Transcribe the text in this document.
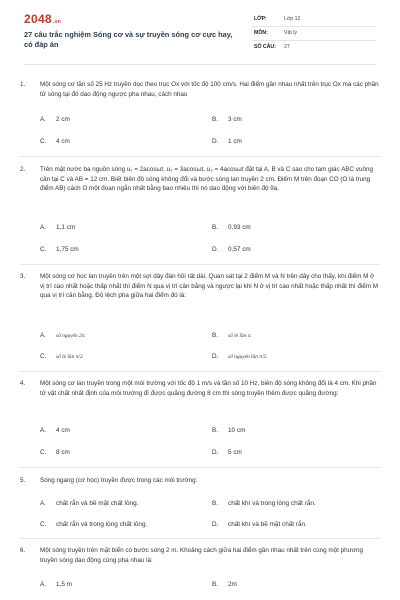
2048.vn
27 câu trắc nghiệm Sóng cơ và sự truyền sóng cơ cực hay, có đáp án
LỚP:	Lớp 12
MÔN:	Vật lý
SỐ CÂU: 27
1.	Một sóng cơ tần số 25 Hz truyền dọc theo trục Ox với tốc độ 100 cm/s. Hai điểm gần nhau nhất trên trục Ox mà các phần tử sóng tại đó dao động ngược pha nhau, cách nhau
A. 2 cm	B. 3 cm
C. 4 cm	D. 1 cm
2.	Trên mặt nước ba nguồn sóng u₁ = 2acosωt, u₂ = 3acosωt, u₃ = 4acosωt đặt tại A, B và C sao cho tam giác ABC vuông cân tại C và AB = 12 cm. Biết biên độ sóng không đổi và bước sóng lan truyền 2 cm. Điểm M trên đoạn CO (O là trung điểm AB) cách O một đoạn ngắn nhất bằng bao nhiêu thì nó dao động với biên độ 9a.
A. 1,1 cm	B. 0,93 cm
C. 1,75 cm	D. 0,57 cm
3.	Một sóng cơ học lan truyền trên một sợi dây đàn hồi rất dài. Quan sát tại 2 điểm M và N trên dây cho thấy, khi điểm M ở vị trí cao nhất hoặc thấp nhất thì điểm N qua vị trí cân bằng và ngược lại khi N ở vị trí cao nhất hoặc thấp nhất thì điểm M qua vị trí cân bằng. Độ lệch pha giữa hai điểm đó là:
A. số nguyên 2π.	B. số lẻ lần π.
C. số lẻ lần π/2.	D. số nguyên lần π/2.
4.	Một sóng cơ lan truyền trong một môi trường với tốc độ 1 m/s và tần số 10 Hz, biên độ sóng không đổi là 4 cm. Khi phần tử vật chất nhất định của môi trường đi được quãng đường 8 cm thì sóng truyền thêm được quãng đường:
A. 4 cm	B. 10 cm
C. 8 cm	D. 5 cm
5.	Sóng ngang (cơ học) truyền được trong các môi trường:
A. chất rắn và bề mặt chất lỏng.	B. chất khí và trong lòng chất rắn.
C. chất rắn và trong lòng chất lỏng.	D. chất khí và bề mặt chất rắn.
6.	Một sóng truyền trên mặt biển có bước sóng 2 m. Khoảng cách giữa hai điểm gần nhau nhất trên cùng một phương truyền sóng dao động cùng pha nhau là:
A. 1,5 m	B. 2m
